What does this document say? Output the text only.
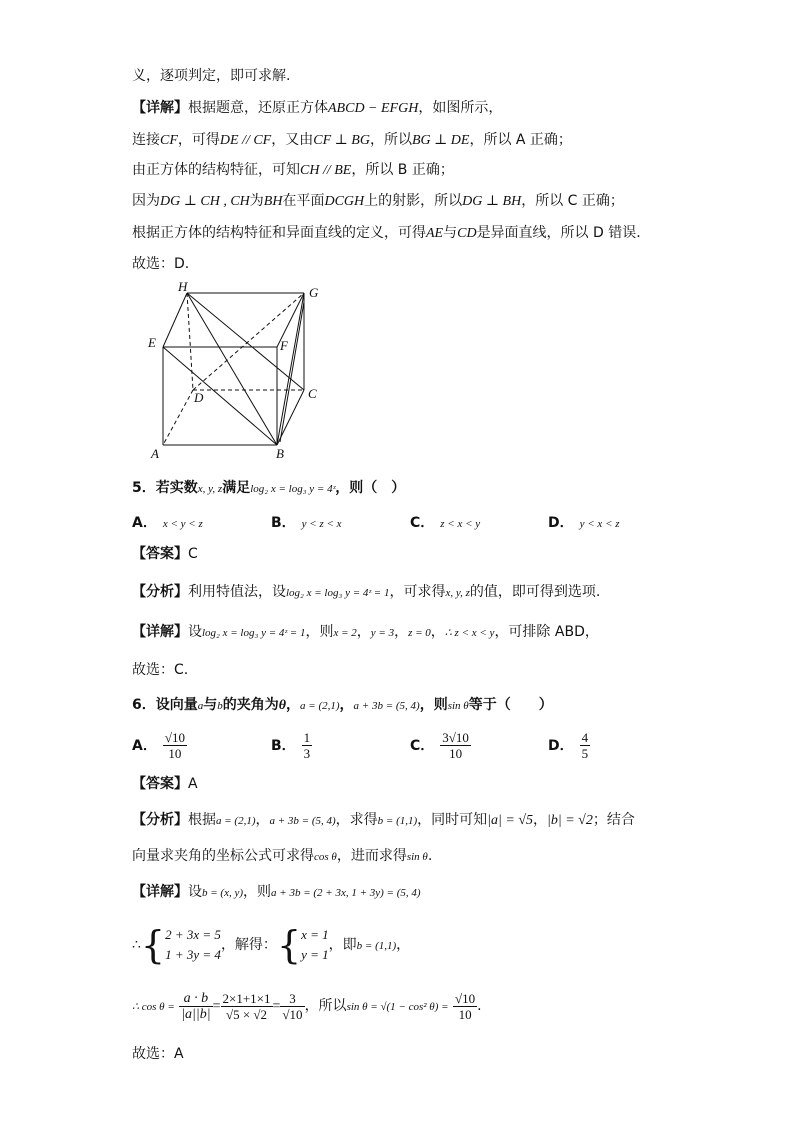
义，逐项判定，即可求解.
【详解】根据题意，还原正方体ABCD − EFGH，如图所示，
连接CF，可得DE // CF，又由CF ⊥ BG，所以BG ⊥ DE，所以 A 正确；
由正方体的结构特征，可知CH // BE，所以 B 正确；
因为DG ⊥ CH , CH为BH在平面DCGH上的射影，所以DG ⊥ BH，所以 C 正确；
根据正方体的结构特征和异面直线的定义，可得AE与CD是异面直线，所以 D 错误.
故选：D.
H	G
E	F
D	C
A	B
5．若实数x, y, z满足log₂ x = log₃ y = 4ᶻ，则（　）
A． x < y < z	B． y < z < x	C． z < x < y	D． y < x < z
【答案】C
【分析】利用特值法，设log₂ x = log₃ y = 4ᶻ = 1，可求得x, y, z的值，即可得到选项.
【详解】设log₂ x = log₃ y = 4ᶻ = 1，则x = 2，y = 3，z = 0，∴ z < x < y，可排除 ABD，
故选：C.
6．设向量a与b的夹角为θ，a = (2,1)，a + 3b = (5, 4)，则sin θ等于（　　）
A． $\frac{√10}{10}$	B． $\frac{1}{3}$	C． $\frac{3√10}{10}$	D． $\frac{4}{5}$
【答案】A
【分析】根据a = (2,1)，a + 3b = (5, 4)，求得b = (1,1)，同时可知|a| = √5，|b| = √2；结合
向量求夹角的坐标公式可求得cos θ，进而求得sin θ.
【详解】设b = (x, y)，则a + 3b = (2 + 3x, 1 + 3y) = (5, 4)
∴{ 2 + 3x = 5
1 + 3y = 4
，解得：{ x = 1
y = 1
，即b = (1,1)，
∴ $\cos \theta = \frac{a \cdot b}{|a||b|} = \frac{2\times 1+1\times 1}{√5 \times √2} = \frac{3}{√10}$ ，所以sin θ = √(1 − cos² $\theta) = \frac{√10}{10}$ .
故选：A
